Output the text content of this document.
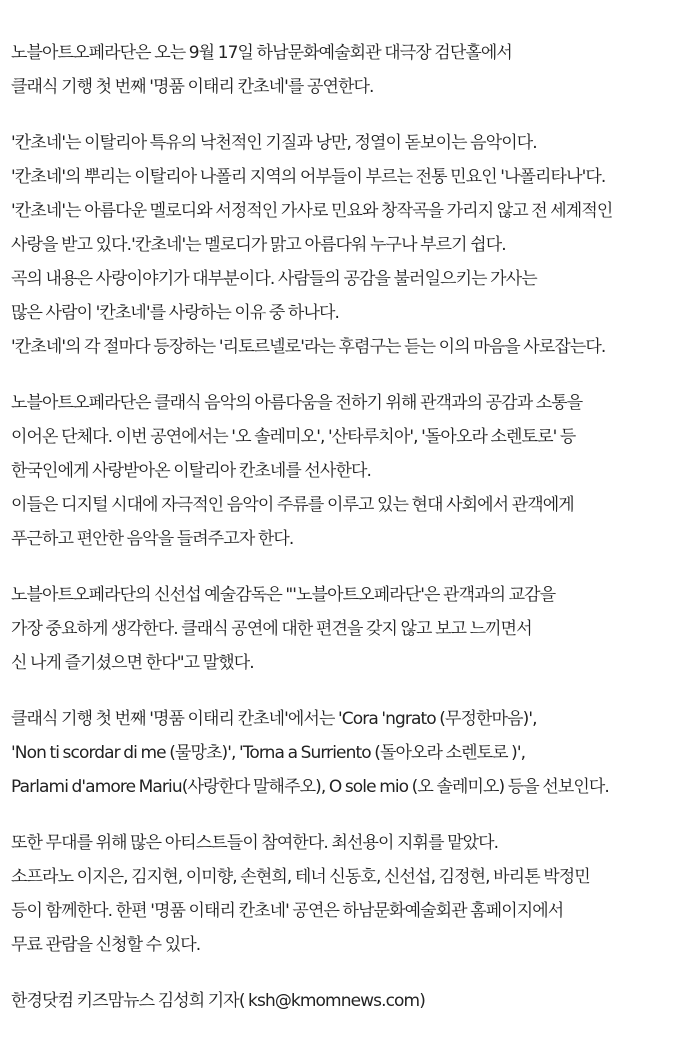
노블아트오페라단은 오는 9월 17일 하남문화예술회관 대극장 검단홀에서
클래식 기행 첫 번째 '명품 이태리 칸초네'를 공연한다.
'칸초네'는 이탈리아 특유의 낙천적인 기질과 낭만, 정열이 돋보이는 음악이다.
'칸초네'의 뿌리는 이탈리아 나폴리 지역의 어부들이 부르는 전통 민요인 '나폴리타나'다.
'칸초네'는 아름다운 멜로디와 서정적인 가사로 민요와 창작곡을 가리지 않고 전 세계적인
사랑을 받고 있다.'칸초네'는 멜로디가 맑고 아름다워 누구나 부르기 쉽다.
곡의 내용은 사랑이야기가 대부분이다. 사람들의 공감을 불러일으키는 가사는
많은 사람이 '칸초네'를 사랑하는 이유 중 하나다.
'칸초네'의 각 절마다 등장하는 '리토르넬로'라는 후렴구는 듣는 이의 마음을 사로잡는다.
노블아트오페라단은 클래식 음악의 아름다움을 전하기 위해 관객과의 공감과 소통을
이어온 단체다. 이번 공연에서는 '오 솔레미오', '산타루치아', '돌아오라 소렌토로' 등
한국인에게 사랑받아온 이탈리아 칸초네를 선사한다.
이들은 디지털 시대에 자극적인 음악이 주류를 이루고 있는 현대 사회에서 관객에게
푸근하고 편안한 음악을 들려주고자 한다.
노블아트오페라단의 신선섭 예술감독은 "'노블아트오페라단'은 관객과의 교감을
가장 중요하게 생각한다. 클래식 공연에 대한 편견을 갖지 않고 보고 느끼면서
신 나게 즐기셨으면 한다"고 말했다.
클래식 기행 첫 번째 '명품 이태리 칸초네'에서는 'Cora 'ngrato (무정한마음)',
'Non ti scordar di me (물망초)', 'Torna a Surriento (돌아오라 소렌토로 )',
Parlami d'amore Mariu(사랑한다 말해주오), O sole mio (오 솔레미오) 등을 선보인다.
또한 무대를 위해 많은 아티스트들이 참여한다. 최선용이 지휘를 맡았다.
소프라노 이지은, 김지현, 이미향, 손현희, 테너 신동호, 신선섭, 김정현, 바리톤 박정민
등이 함께한다. 한편 '명품 이태리 칸초네' 공연은 하남문화예술회관 홈페이지에서
무료 관람을 신청할 수 있다.
한경닷컴 키즈맘뉴스 김성희 기자( ksh@kmomnews.com)
